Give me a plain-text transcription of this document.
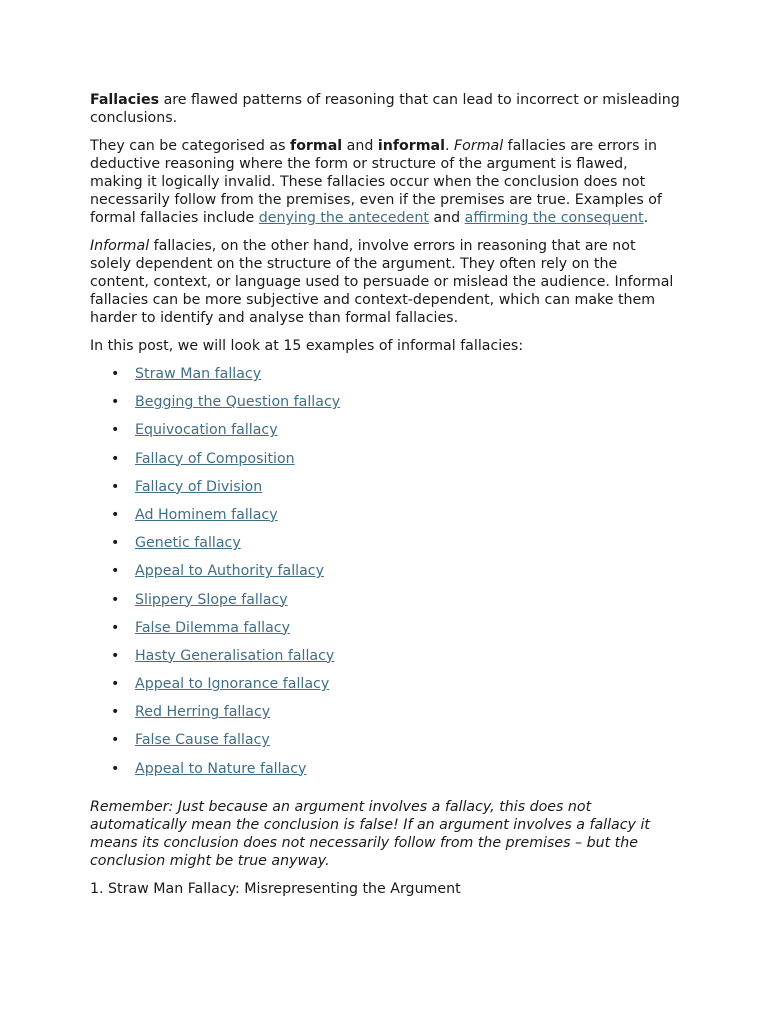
Fallacies are flawed patterns of reasoning that can lead to incorrect or misleading conclusions.

They can be categorised as formal and informal. Formal fallacies are errors in deductive reasoning where the form or structure of the argument is flawed, making it logically invalid. These fallacies occur when the conclusion does not necessarily follow from the premises, even if the premises are true. Examples of formal fallacies include denying the antecedent and affirming the consequent.

Informal fallacies, on the other hand, involve errors in reasoning that are not solely dependent on the structure of the argument. They often rely on the content, context, or language used to persuade or mislead the audience. Informal fallacies can be more subjective and context-dependent, which can make them harder to identify and analyse than formal fallacies.

In this post, we will look at 15 examples of informal fallacies:

• Straw Man fallacy
• Begging the Question fallacy
• Equivocation fallacy
• Fallacy of Composition
• Fallacy of Division
• Ad Hominem fallacy
• Genetic fallacy
• Appeal to Authority fallacy
• Slippery Slope fallacy
• False Dilemma fallacy
• Hasty Generalisation fallacy
• Appeal to Ignorance fallacy
• Red Herring fallacy
• False Cause fallacy
• Appeal to Nature fallacy

Remember: Just because an argument involves a fallacy, this does not automatically mean the conclusion is false! If an argument involves a fallacy it means its conclusion does not necessarily follow from the premises – but the conclusion might be true anyway.

1. Straw Man Fallacy: Misrepresenting the Argument
